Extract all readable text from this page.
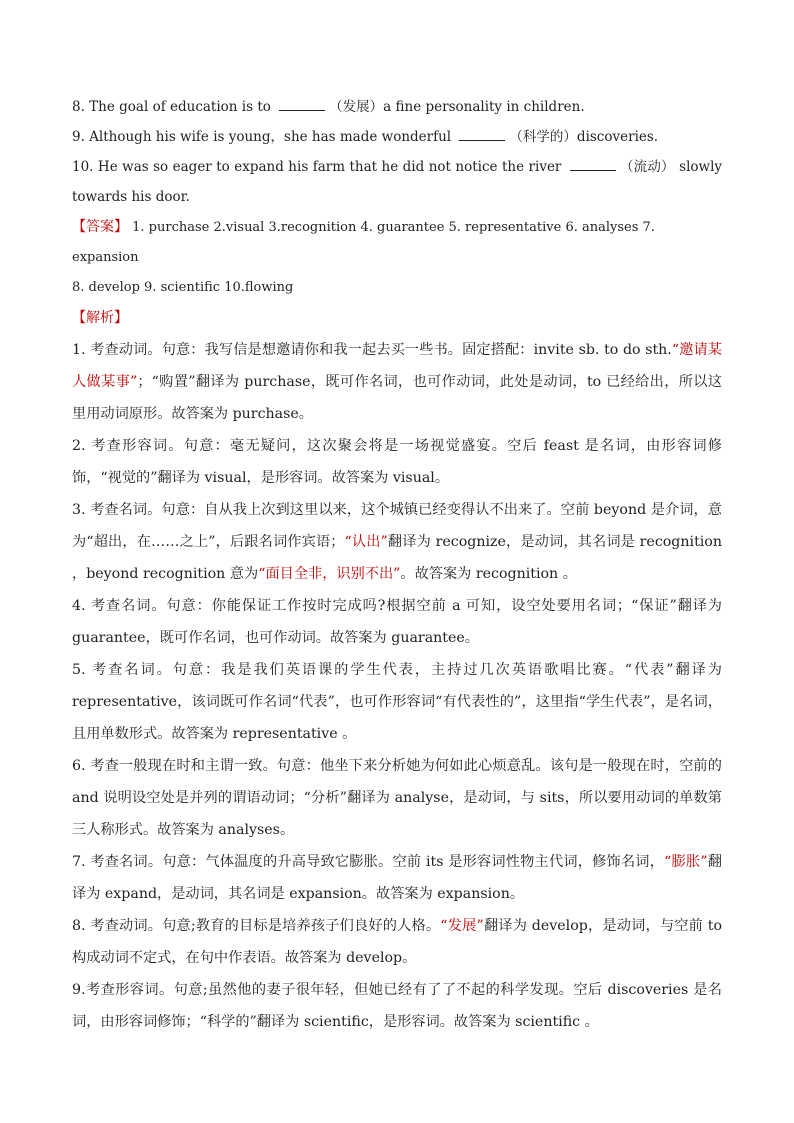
8. The goal of education is to	（发展）a fine personality in children.

9. Although his wife is young，she has made wonderful	（科学的）discoveries.

10. He was so eager to expand his farm that he did not notice the river	（流动） slowly towards his door.

【答案】 1. purchase 2.visual 3.recognition 4. guarantee 5. representative 6. analyses 7. expansion

8. develop 9. scientific 10.flowing

【解析】

1. 考查动词。句意：我写信是想邀请你和我一起去买一些书。固定搭配：invite sb. to do sth.“邀请某人做某事”；“购置”翻译为 purchase，既可作名词，也可作动词，此处是动词，to 已经给出，所以这里用动词原形。故答案为 purchase。

2. 考查形容词。句意：毫无疑问，这次聚会将是一场视觉盛宴。空后 feast 是名词，由形容词修饰，“视觉的”翻译为 visual，是形容词。故答案为 visual。

3. 考查名词。句意：自从我上次到这里以来，这个城镇已经变得认不出来了。空前 beyond 是介词，意为“超出，在……之上”，后跟名词作宾语；“认出”翻译为 recognize，是动词，其名词是 recognition ，beyond recognition 意为“面目全非，识别不出”。故答案为 recognition 。

4. 考查名词。句意：你能保证工作按时完成吗?根据空前 a 可知，设空处要用名词；“保证”翻译为 guarantee，既可作名词，也可作动词。故答案为 guarantee。

5. 考查名词。句意：我是我们英语课的学生代表，主持过几次英语歌唱比赛。“代表”翻译为 representative，该词既可作名词“代表”，也可作形容词“有代表性的”，这里指“学生代表”，是名词，且用单数形式。故答案为 representative 。

6. 考查一般现在时和主谓一致。句意：他坐下来分析她为何如此心烦意乱。该句是一般现在时，空前的 and 说明设空处是并列的谓语动词；“分析”翻译为 analyse，是动词，与 sits，所以要用动词的单数第三人称形式。故答案为 analyses。

7. 考查名词。句意：气体温度的升高导致它膨胀。空前 its 是形容词性物主代词，修饰名词，“膨胀”翻译为 expand，是动词，其名词是 expansion。故答案为 expansion。

8. 考查动词。句意;教育的目标是培养孩子们良好的人格。“发展”翻译为 develop，是动词，与空前 to 构成动词不定式，在句中作表语。故答案为 develop。

9.考查形容词。句意;虽然他的妻子很年轻，但她已经有了了不起的科学发现。空后 discoveries 是名词，由形容词修饰；“科学的”翻译为 scientific，是形容词。故答案为 scientific 。
